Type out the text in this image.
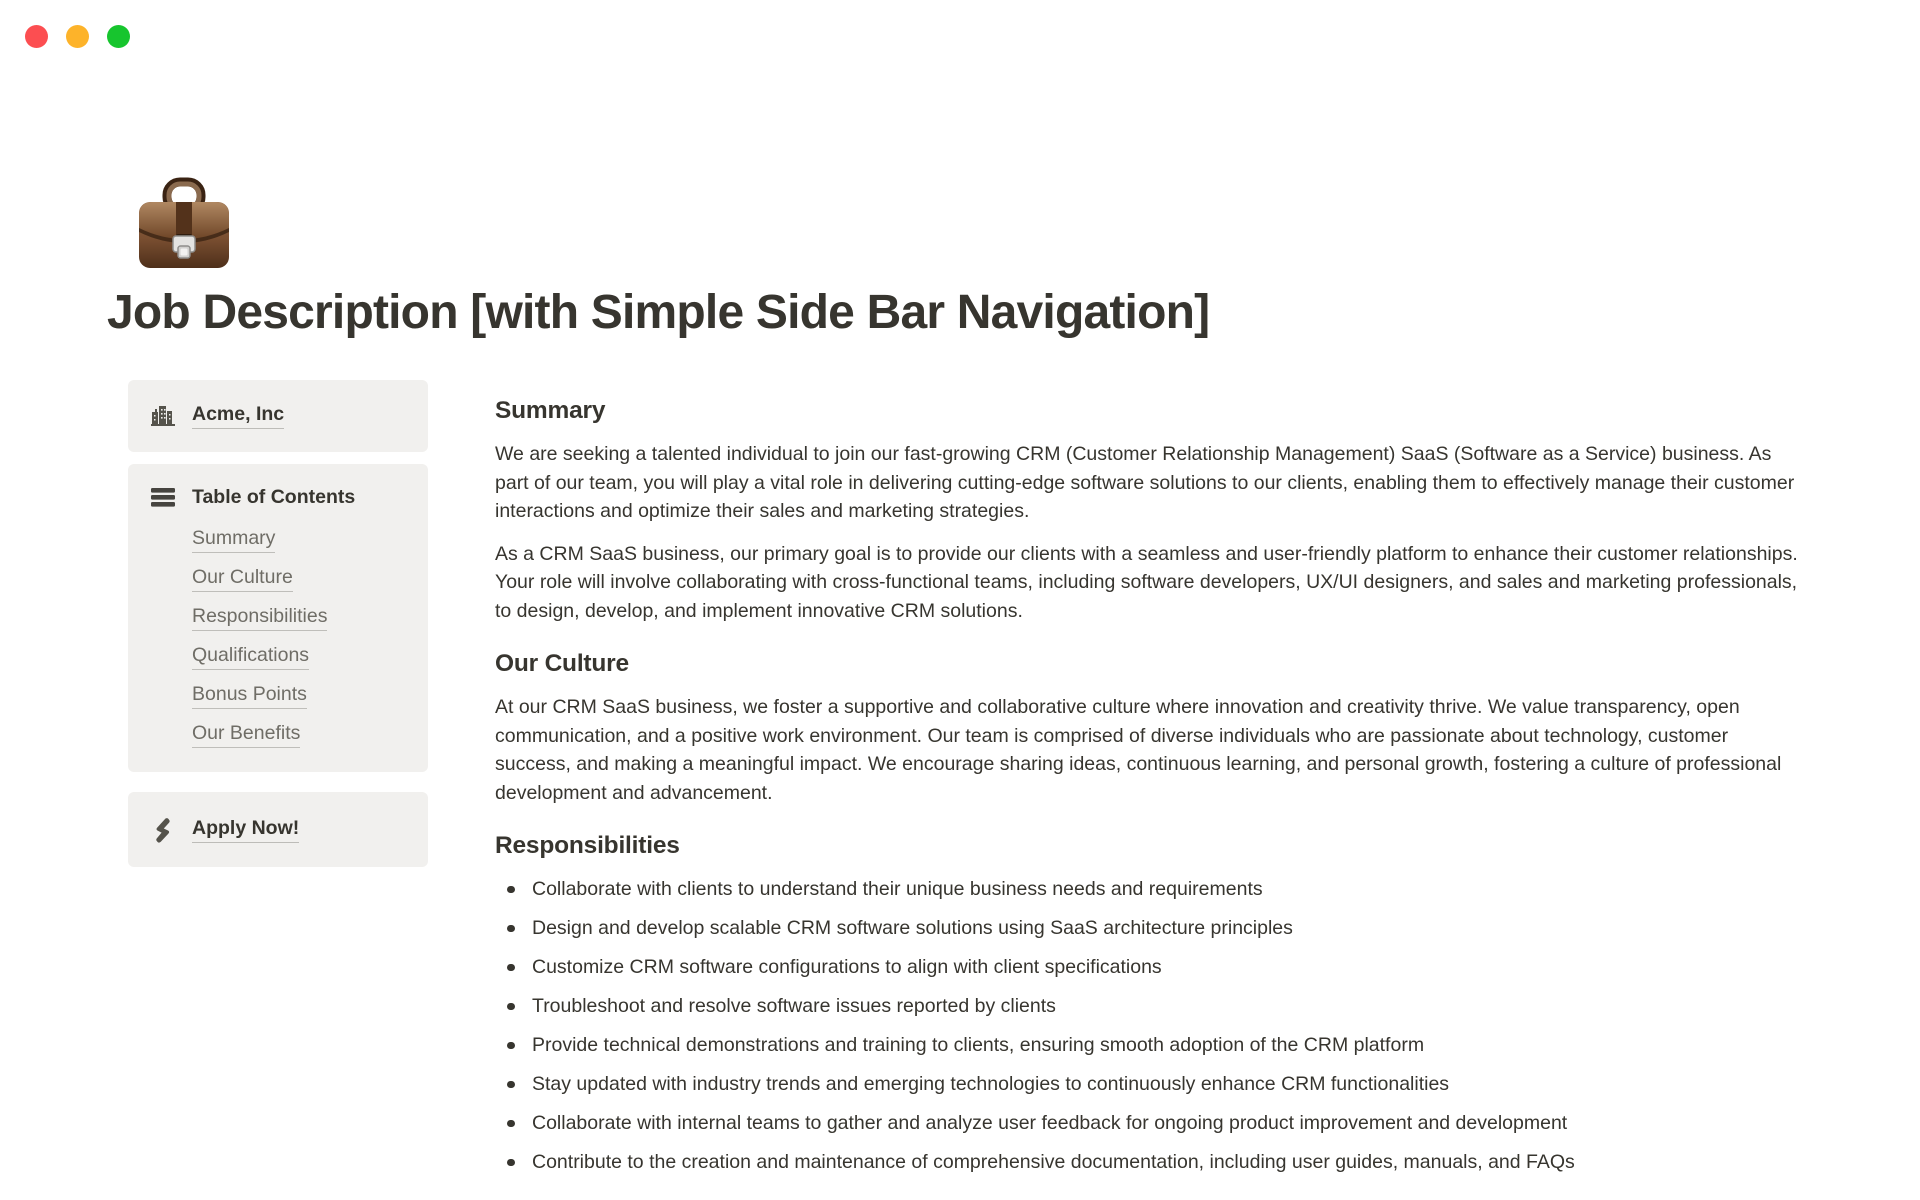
Job Description [with Simple Side Bar Navigation]
Acme, Inc
Table of Contents
Summary
Our Culture
Responsibilities
Qualifications
Bonus Points
Our Benefits
Apply Now!
Summary

We are seeking a talented individual to join our fast-growing CRM (Customer Relationship Management) SaaS (Software as a Service) business. As part of our team, you will play a vital role in delivering cutting-edge software solutions to our clients, enabling them to effectively manage their customer interactions and optimize their sales and marketing strategies.

As a CRM SaaS business, our primary goal is to provide our clients with a seamless and user-friendly platform to enhance their customer relationships. Your role will involve collaborating with cross-functional teams, including software developers, UX/UI designers, and sales and marketing professionals, to design, develop, and implement innovative CRM solutions.

Our Culture

At our CRM SaaS business, we foster a supportive and collaborative culture where innovation and creativity thrive. We value transparency, open communication, and a positive work environment. Our team is comprised of diverse individuals who are passionate about technology, customer success, and making a meaningful impact. We encourage sharing ideas, continuous learning, and personal growth, fostering a culture of professional development and advancement.

Responsibilities
Collaborate with clients to understand their unique business needs and requirements
Design and develop scalable CRM software solutions using SaaS architecture principles
Customize CRM software configurations to align with client specifications
Troubleshoot and resolve software issues reported by clients
Provide technical demonstrations and training to clients, ensuring smooth adoption of the CRM platform
Stay updated with industry trends and emerging technologies to continuously enhance CRM functionalities
Collaborate with internal teams to gather and analyze user feedback for ongoing product improvement and development
Contribute to the creation and maintenance of comprehensive documentation, including user guides, manuals, and FAQs
